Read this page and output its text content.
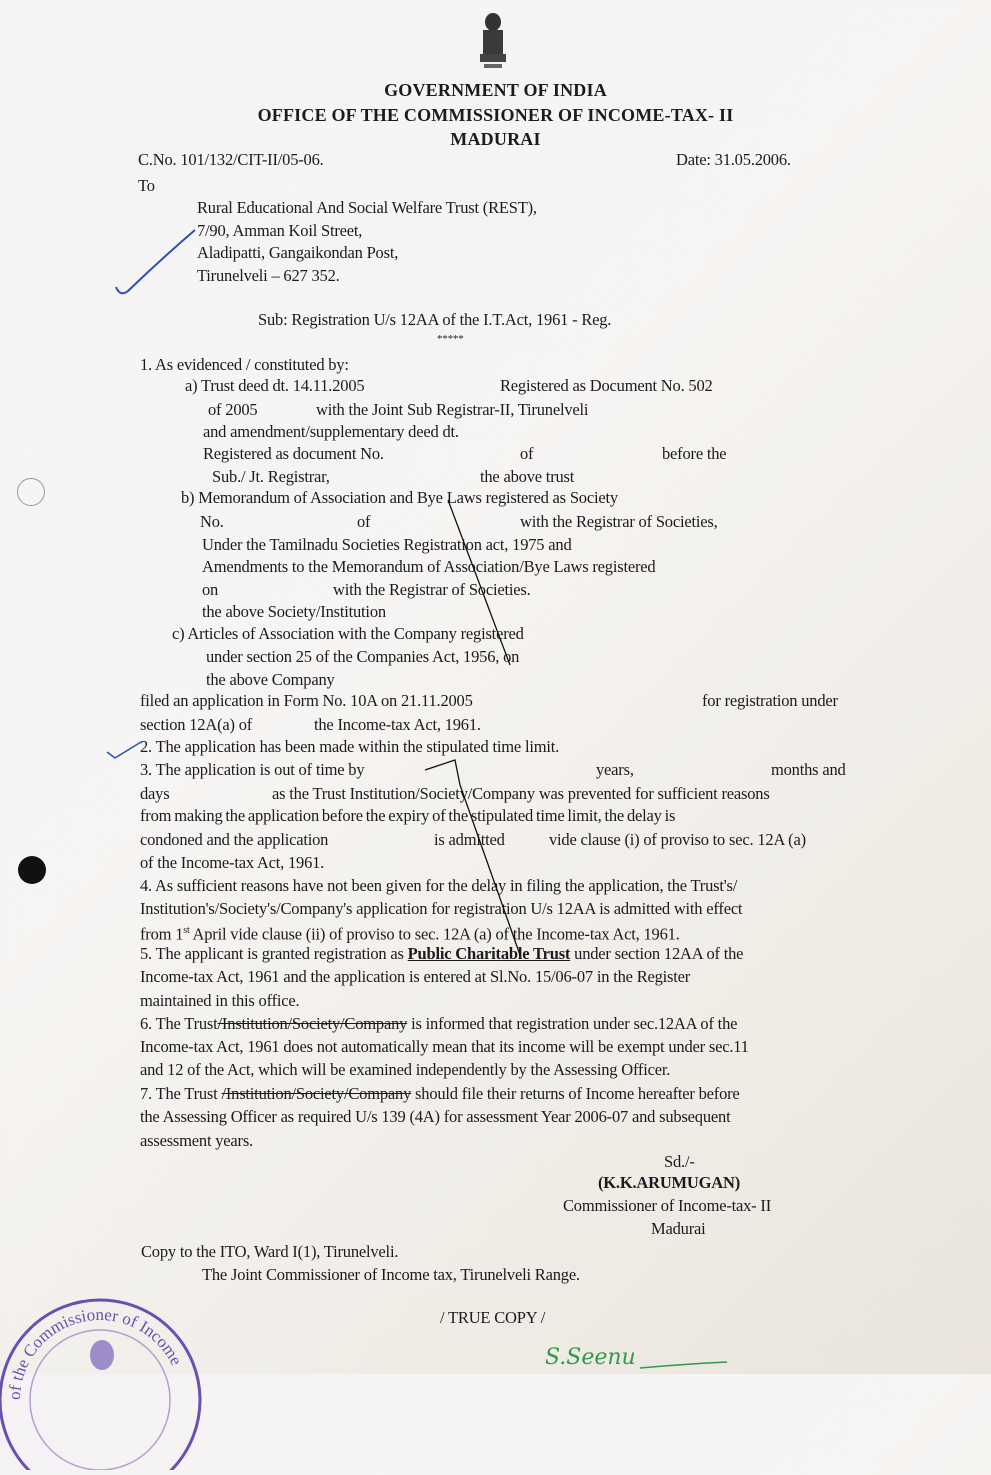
GOVERNMENT OF INDIA
OFFICE OF THE COMMISSIONER OF INCOME-TAX- II
MADURAI
C.No. 101/132/CIT-II/05-06.	Date: 31.05.2006.
To
Rural Educational And Social Welfare Trust (REST),
7/90, Amman Koil Street,
Aladipatti, Gangaikondan Post,
Tirunelveli – 627 352.
Sub: Registration U/s 12AA of the I.T.Act, 1961 - Reg.
*****
1. As evidenced / constituted by:
a) Trust deed dt. 14.11.2005	Registered as Document No. 502
of 2005	with the Joint Sub Registrar-II, Tirunelveli
and amendment/supplementary deed dt.
Registered as document No.	of	before the
Sub./ Jt. Registrar,	the above trust
b) Memorandum of Association and Bye Laws registered as Society
No.	of	with the Registrar of Societies,
Under the Tamilnadu Societies Registration act, 1975 and
Amendments to the Memorandum of Association/Bye Laws registered
on	with the Registrar of Societies.
the above Society/Institution
c) Articles of Association with the Company registered
under section 25 of the Companies Act, 1956, on
the above Company
filed an application in Form No. 10A on 21.11.2005	for registration under
section 12A(a) of	the Income-tax Act, 1961.
2. The application has been made within the stipulated time limit.
3. The application is out of time by	years,	months and
days	as the Trust Institution/Society/Company was prevented for sufficient reasons
from making the application before the expiry of the stipulated time limit, the delay is
condoned and the application	is admitted	vide clause (i) of proviso to sec. 12A (a)
of the Income-tax Act, 1961.
4. As sufficient reasons have not been given for the delay in filing the application, the Trust's/
Institution's/Society's/Company's application for registration U/s 12AA is admitted with effect
from 1st April vide clause (ii) of proviso to sec. 12A (a) of the Income-tax Act, 1961.
5. The applicant is granted registration as Public Charitable Trust under section 12AA of the
Income-tax Act, 1961 and the application is entered at Sl.No. 15/06-07 in the Register
maintained in this office.
6. The Trust/Institution/Society/Company is informed that registration under sec.12AA of the
Income-tax Act, 1961 does not automatically mean that its income will be exempt under sec.11
and 12 of the Act, which will be examined independently by the Assessing Officer.
7. The Trust /Institution/Society/Company should file their returns of Income hereafter before
the Assessing Officer as required U/s 139 (4A) for assessment Year 2006-07 and subsequent
assessment years.
Sd./-
(K.K.ARUMUGAN)
Commissioner of Income-tax- II
Madurai
Copy to the ITO, Ward I(1), Tirunelveli.
The Joint Commissioner of Income tax, Tirunelveli Range.
/ TRUE COPY /
of the Commissioner of Income	S.Seenu
